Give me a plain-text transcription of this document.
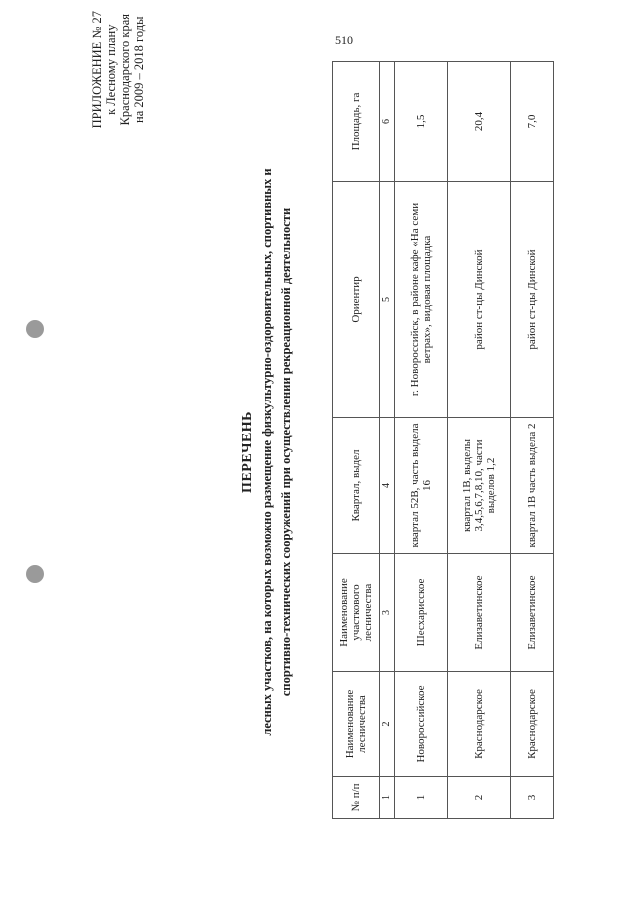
510
ПРИЛОЖЕНИЕ № 27 к Лесному плану Краснодарского края на 2009 – 2018 годы
ПЕРЕЧЕНЬ лесных участков, на которых возможно размещение физкультурно-оздоровительных, спортивных и спортивно-технических сооружений при осуществлении рекреационной деятельности
№ п/п	Наименование лесничества	Наименование участкового лесничества	Квартал, выдел	Ориентир	Площадь, га
1	2	3	4	5	6
1	Новороссийское	Шесхарисское	квартал 52В, часть выдела 16	г. Новороссийск, в районе кафе «На семи ветрах», видовая площадка	1,5
2	Краснодарское	Елизаветинское	квартал 1В, выделы 3,4,5,6,7,8,10, части выделов 1,2	район ст-цы Динской	20,4
3	Краснодарское	Елизаветинское	квартал 1В часть выдела 2	район ст-цы Динской	7,0
